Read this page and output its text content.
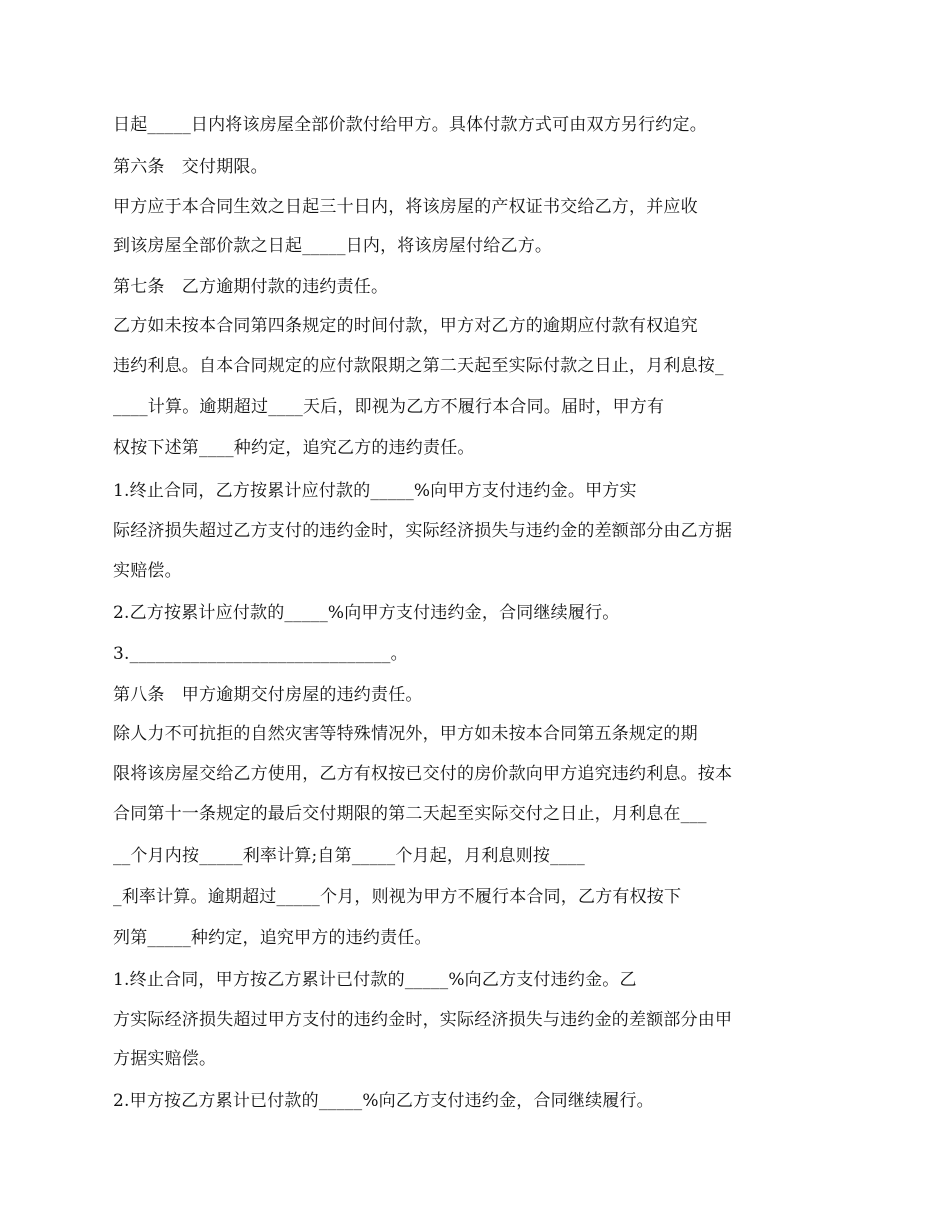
日起_____日内将该房屋全部价款付给甲方。具体付款方式可由双方另行约定。
第六条　交付期限。
甲方应于本合同生效之日起三十日内，将该房屋的产权证书交给乙方，并应收
到该房屋全部价款之日起_____日内，将该房屋付给乙方。
第七条　乙方逾期付款的违约责任。
乙方如未按本合同第四条规定的时间付款，甲方对乙方的逾期应付款有权追究
违约利息。自本合同规定的应付款限期之第二天起至实际付款之日止，月利息按_
____计算。逾期超过____天后，即视为乙方不履行本合同。届时，甲方有
权按下述第____种约定，追究乙方的违约责任。
1.终止合同，乙方按累计应付款的_____%向甲方支付违约金。甲方实
际经济损失超过乙方支付的违约金时，实际经济损失与违约金的差额部分由乙方据
实赔偿。
2.乙方按累计应付款的_____%向甲方支付违约金，合同继续履行。
3.______________________________。
第八条　甲方逾期交付房屋的违约责任。
除人力不可抗拒的自然灾害等特殊情况外，甲方如未按本合同第五条规定的期
限将该房屋交给乙方使用，乙方有权按已交付的房价款向甲方追究违约利息。按本
合同第十一条规定的最后交付期限的第二天起至实际交付之日止，月利息在___
__个月内按_____利率计算;自第_____个月起，月利息则按____
_利率计算。逾期超过_____个月，则视为甲方不履行本合同，乙方有权按下
列第_____种约定，追究甲方的违约责任。
1.终止合同，甲方按乙方累计已付款的_____%向乙方支付违约金。乙
方实际经济损失超过甲方支付的违约金时，实际经济损失与违约金的差额部分由甲
方据实赔偿。
2.甲方按乙方累计已付款的_____%向乙方支付违约金，合同继续履行。
